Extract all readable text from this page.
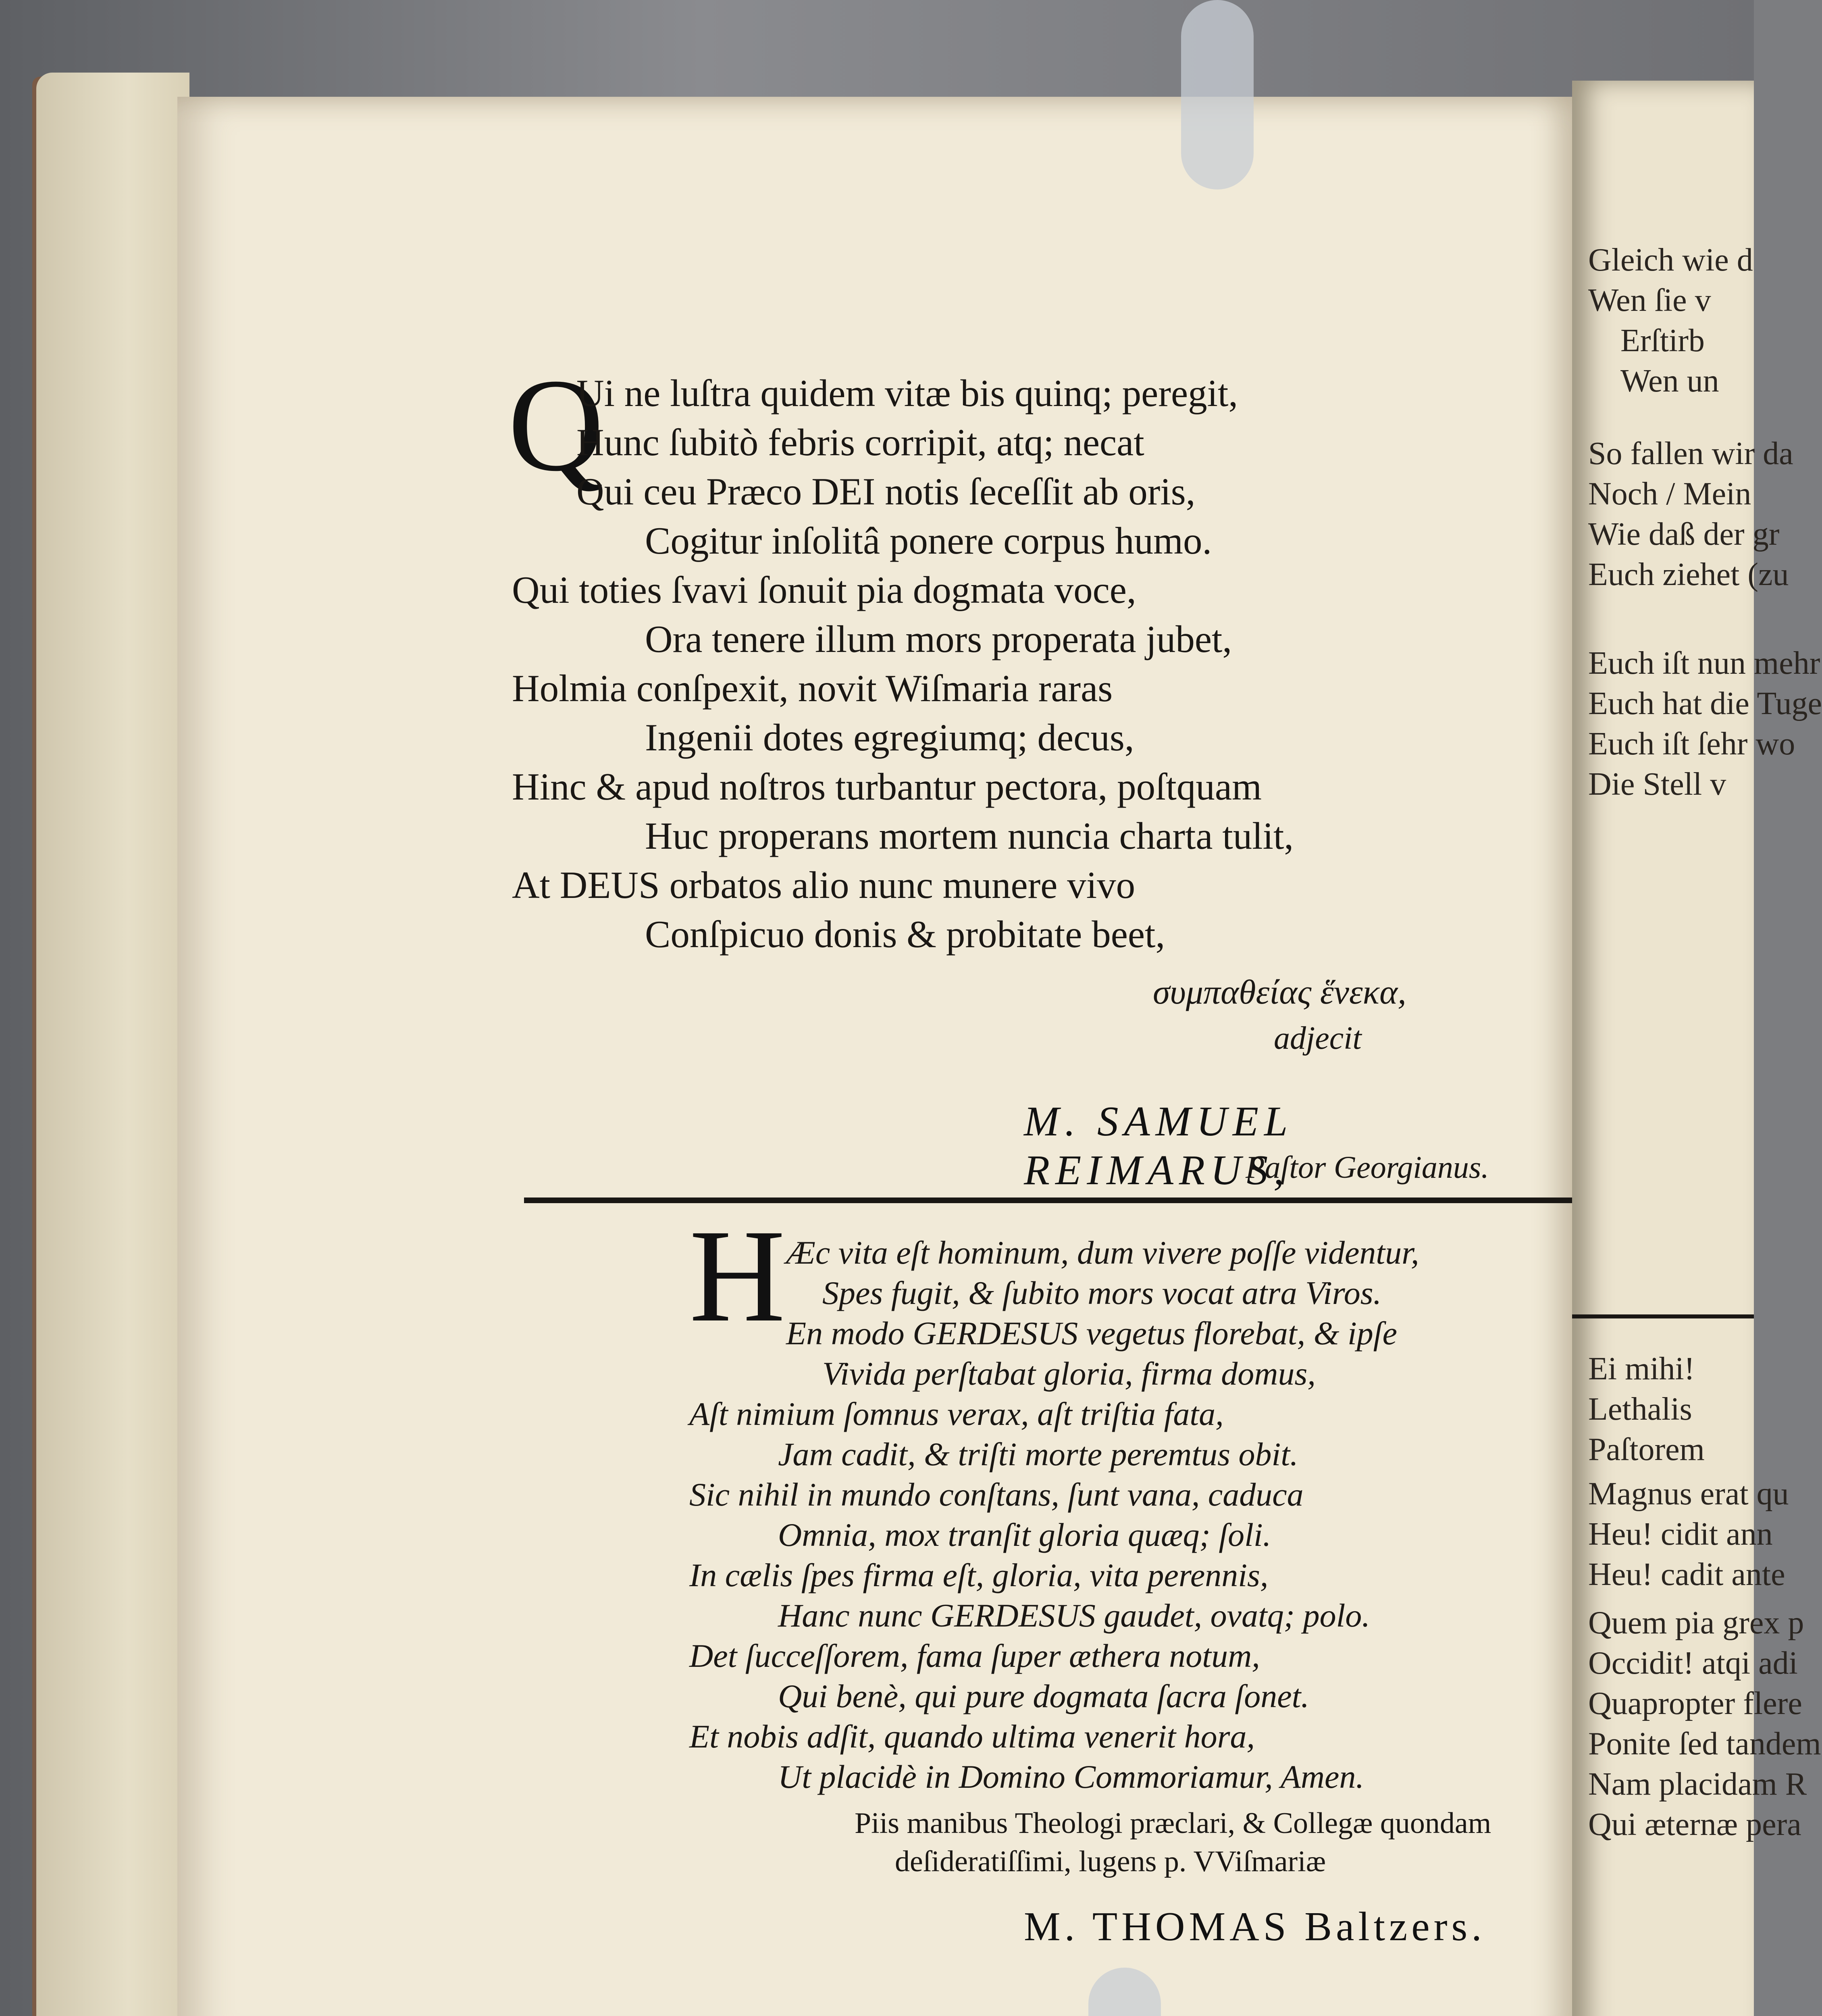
Q
Ui ne luſtra quidem vitæ bis quinq; peregit,
Hunc ſubitò febris corripit, atq; necat
Qui ceu Præco DEI notis ſeceſſit ab oris,
Cogitur inſolitâ ponere corpus humo.
Qui toties ſvavi ſonuit pia dogmata voce,
Ora tenere illum mors properata jubet,
Holmia conſpexit, novit Wiſmaria raras
Ingenii dotes egregiumq; decus,
Hinc & apud noſtros turbantur pectora, poſtquam
Huc properans mortem nuncia charta tulit,
At DEUS orbatos alio nunc munere vivo
Conſpicuo donis & probitate beet,
συμπαθείας ἕνεκα,
adjecit
M. SAMUEL REIMARUS,
Paſtor Georgianus.
H Æc vita eſt hominum, dum vivere poſſe videntur,
Spes fugit, & ſubito mors vocat atra Viros.
En modo GERDESUS vegetus florebat, & ipſe
Vivida perſtabat gloria, firma domus,
Aſt nimium ſomnus verax, aſt triſtia fata,
Jam cadit, & triſti morte peremtus obit.
Sic nihil in mundo conſtans, ſunt vana, caduca
Omnia, mox tranſit gloria quæq; ſoli.
In cælis ſpes firma eſt, gloria, vita perennis,
Hanc nunc GERDESUS gaudet, ovatq; polo.
Det ſucceſſorem, fama ſuper æthera notum,
Qui benè, qui pure dogmata ſacra ſonet.
Et nobis adſit, quando ultima venerit hora,
Ut placidè in Domino Commoriamur, Amen.
Piis manibus Theologi præclari, & Collegæ quondam
deſideratiſſimi, lugens p. VViſmariæ
M. THOMAS Baltzers.
Gleich wie d
Wen ſie v
Erſtirb
Wen un
So fallen wir da
Noch / Mein
Wie daß der gr
Euch ziehet (zu
Euch iſt nun mehr
Euch hat die Tuge
Euch iſt ſehr wo
Die Stell v
Ei mihi!
Lethalis
Paſtorem
Magnus erat qu
Heu! cidit ann
Heu! cadit ante
Quem pia grex p
Occidit! atqi adi
Quapropter flere
Ponite ſed tandem
Nam placidam R
Qui æternæ pera
